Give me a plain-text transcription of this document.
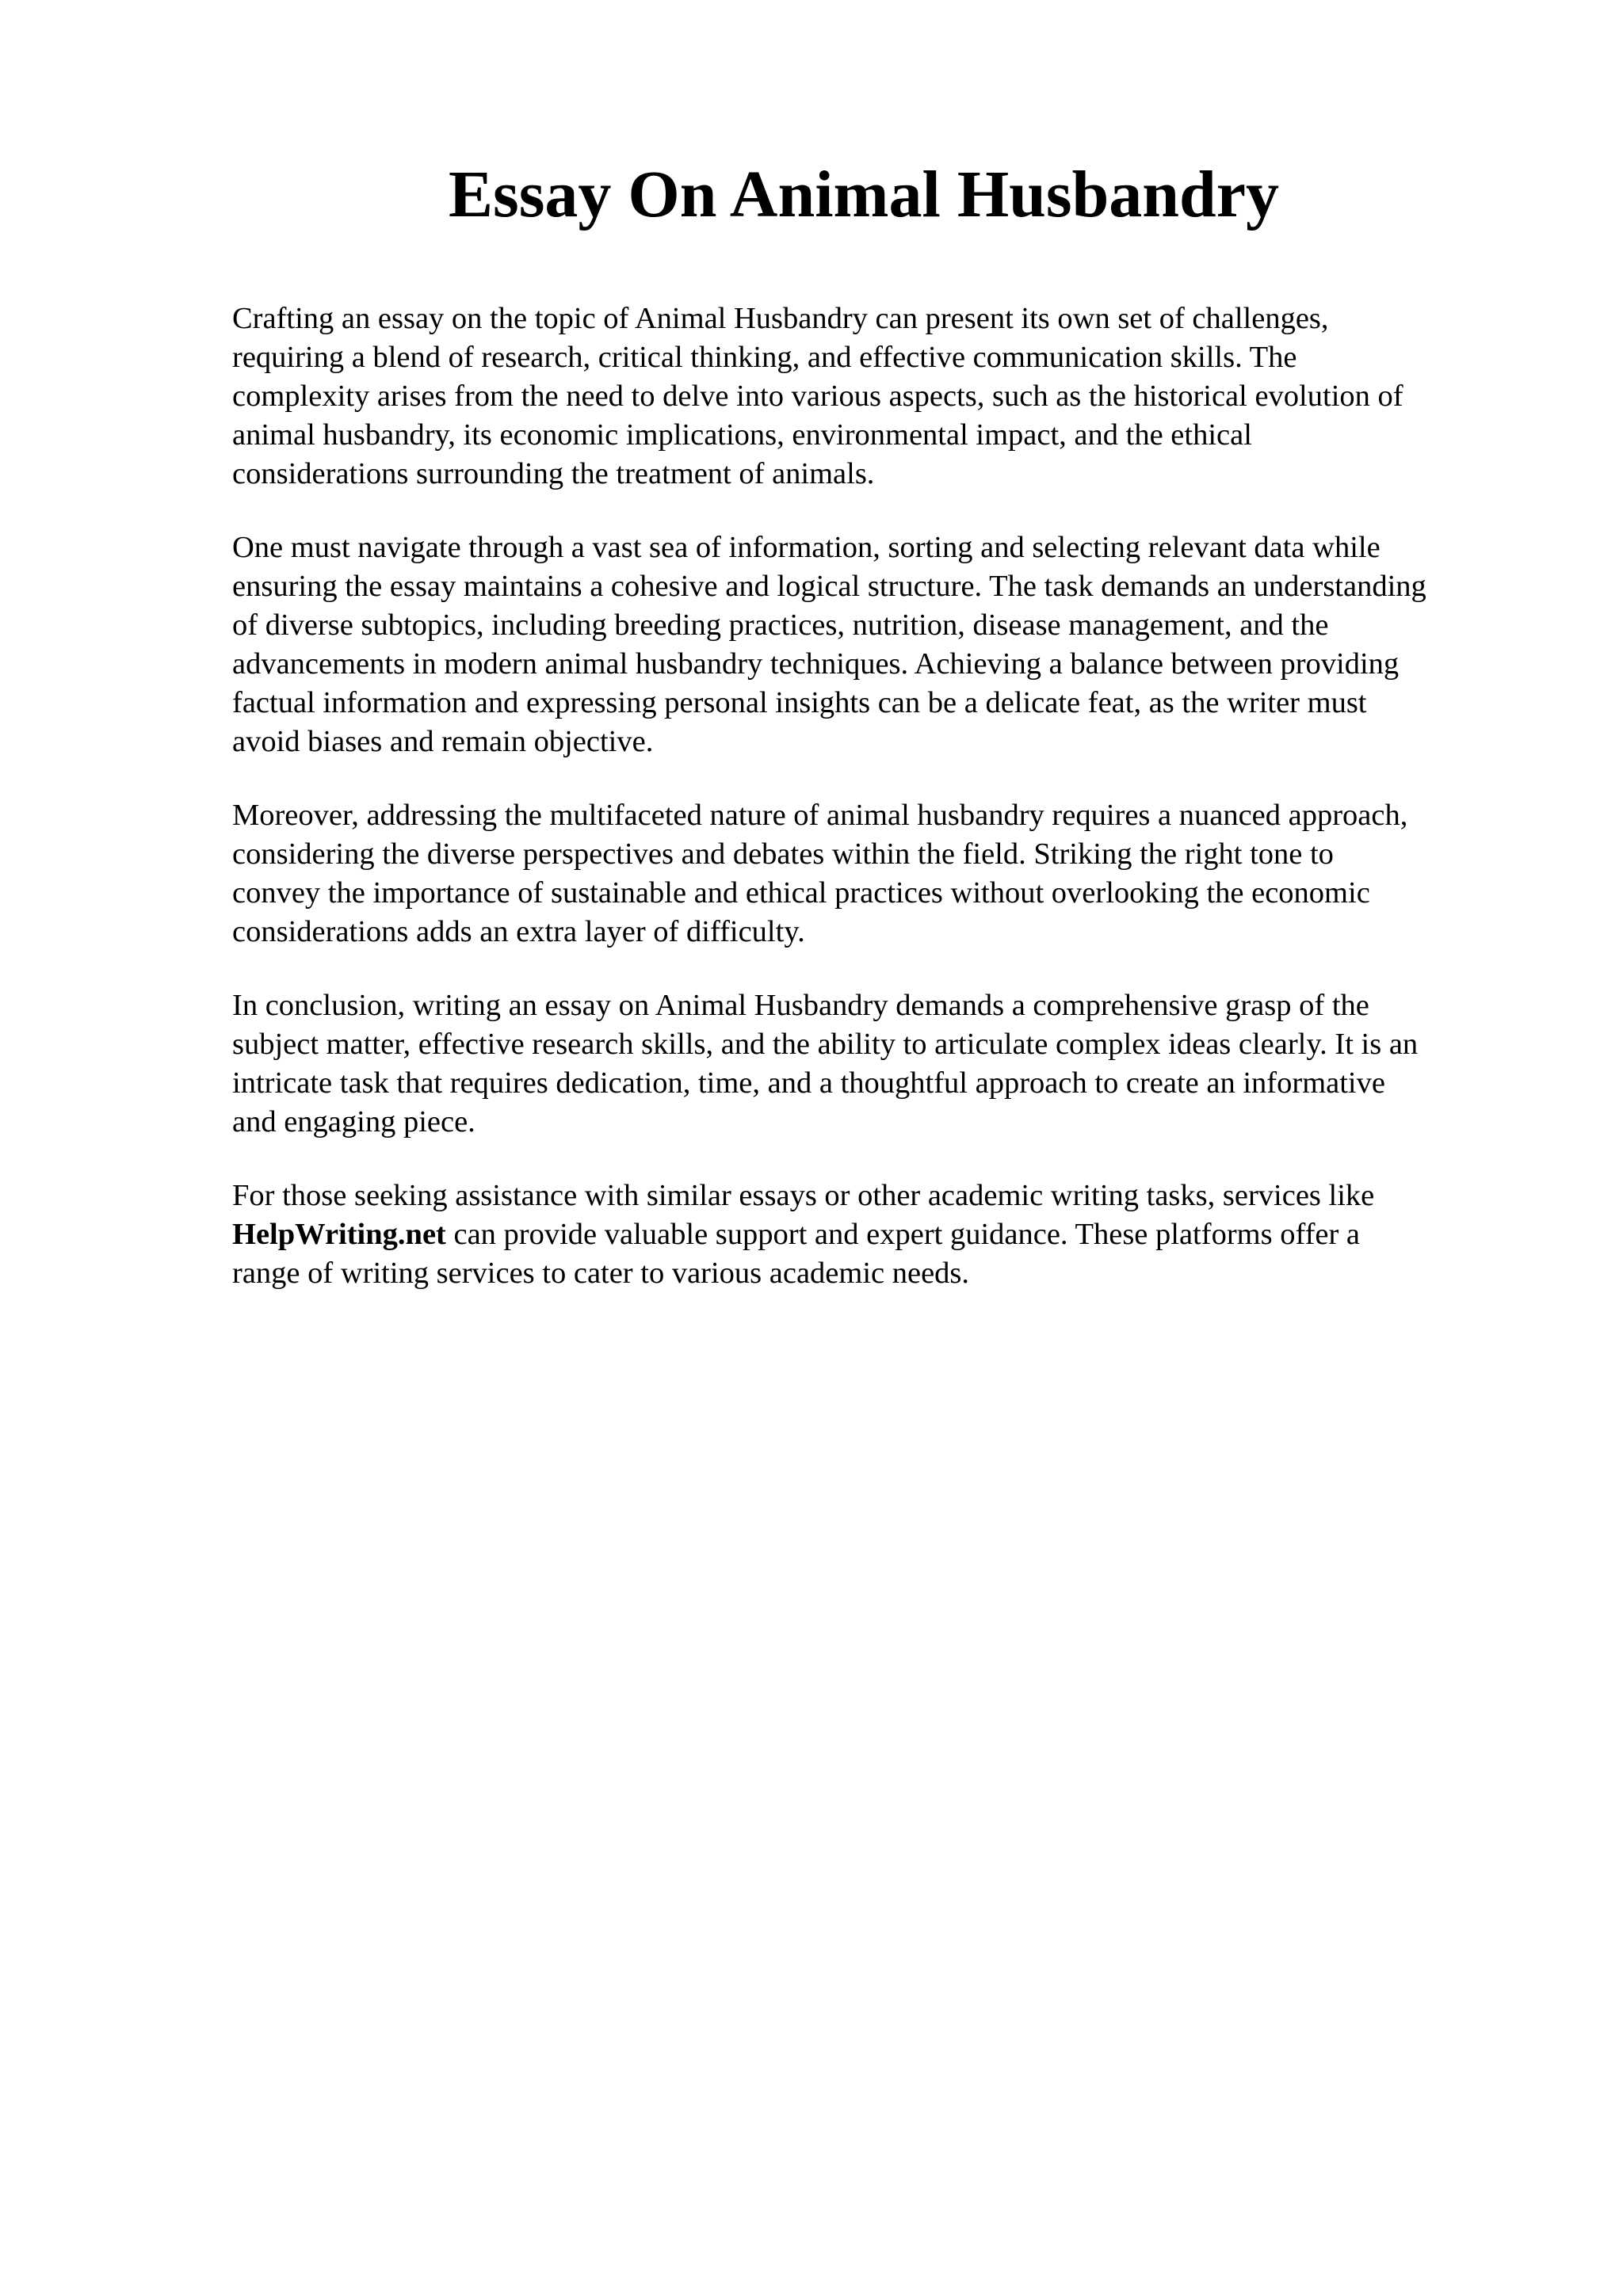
Essay On Animal Husbandry

Crafting an essay on the topic of Animal Husbandry can present its own set of challenges,
requiring a blend of research, critical thinking, and effective communication skills. The
complexity arises from the need to delve into various aspects, such as the historical evolution of
animal husbandry, its economic implications, environmental impact, and the ethical
considerations surrounding the treatment of animals.

One must navigate through a vast sea of information, sorting and selecting relevant data while
ensuring the essay maintains a cohesive and logical structure. The task demands an understanding
of diverse subtopics, including breeding practices, nutrition, disease management, and the
advancements in modern animal husbandry techniques. Achieving a balance between providing
factual information and expressing personal insights can be a delicate feat, as the writer must
avoid biases and remain objective.

Moreover, addressing the multifaceted nature of animal husbandry requires a nuanced approach,
considering the diverse perspectives and debates within the field. Striking the right tone to
convey the importance of sustainable and ethical practices without overlooking the economic
considerations adds an extra layer of difficulty.

In conclusion, writing an essay on Animal Husbandry demands a comprehensive grasp of the
subject matter, effective research skills, and the ability to articulate complex ideas clearly. It is an
intricate task that requires dedication, time, and a thoughtful approach to create an informative
and engaging piece.

For those seeking assistance with similar essays or other academic writing tasks, services like
HelpWriting.net can provide valuable support and expert guidance. These platforms offer a
range of writing services to cater to various academic needs.
